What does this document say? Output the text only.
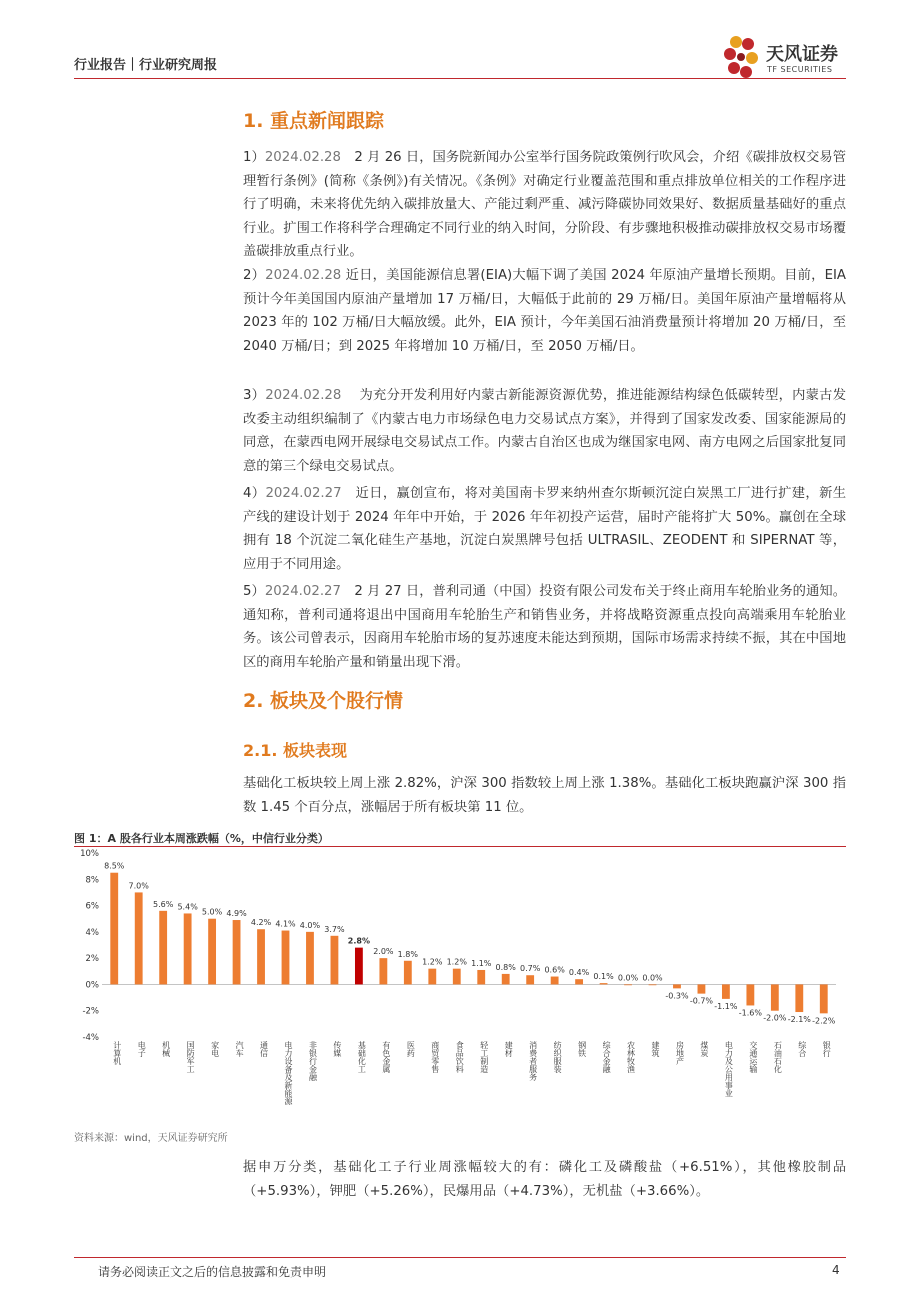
行业报告｜行业研究周报
天风证券
TF SECURITIES
1. 重点新闻跟踪
1）2024.02.28　2 月 26 日，国务院新闻办公室举行国务院政策例行吹风会，介绍《碳排放权交易管理暂行条例》(简称《条例》)有关情况。《条例》对确定行业覆盖范围和重点排放单位相关的工作程序进行了明确，未来将优先纳入碳排放量大、产能过剩严重、减污降碳协同效果好、数据质量基础好的重点行业。扩围工作将科学合理确定不同行业的纳入时间，分阶段、有步骤地积极推动碳排放权交易市场覆盖碳排放重点行业。
2）2024.02.28 近日，美国能源信息署(EIA)大幅下调了美国 2024 年原油产量增长预期。目前，EIA 预计今年美国国内原油产量增加 17 万桶/日，大幅低于此前的 29 万桶/日。美国年原油产量增幅将从 2023 年的 102 万桶/日大幅放缓。此外，EIA 预计，今年美国石油消费量预计将增加 20 万桶/日，至 2040 万桶/日；到 2025 年将增加 10 万桶/日，至 2050 万桶/日。
3）2024.02.28　 为充分开发利用好内蒙古新能源资源优势，推进能源结构绿色低碳转型，内蒙古发改委主动组织编制了《内蒙古电力市场绿色电力交易试点方案》，并得到了国家发改委、国家能源局的同意，在蒙西电网开展绿电交易试点工作。内蒙古自治区也成为继国家电网、南方电网之后国家批复同意的第三个绿电交易试点。
4）2024.02.27　近日，赢创宣布，将对美国南卡罗来纳州查尔斯顿沉淀白炭黑工厂进行扩建，新生产线的建设计划于 2024 年年中开始，于 2026 年年初投产运营，届时产能将扩大 50%。赢创在全球拥有 18 个沉淀二氧化硅生产基地，沉淀白炭黑牌号包括 ULTRASIL、ZEODENT 和 SIPERNAT 等，应用于不同用途。
5）2024.02.27　2 月 27 日，普利司通（中国）投资有限公司发布关于终止商用车轮胎业务的通知。通知称，普利司通将退出中国商用车轮胎生产和销售业务，并将战略资源重点投向高端乘用车轮胎业务。该公司曾表示，因商用车轮胎市场的复苏速度未能达到预期，国际市场需求持续不振，其在中国地区的商用车轮胎产量和销量出现下滑。
2. 板块及个股行情
2.1. 板块表现
基础化工板块较上周上涨 2.82%，沪深 300 指数较上周上涨 1.38%。基础化工板块跑赢沪深 300 指数 1.45 个百分点，涨幅居于所有板块第 11 位。
图 1：A 股各行业本周涨跌幅（%，中信行业分类）
10%
8%
6%
4%
2%
0%
-2%
-4%
8.5%
计算机
7.0%
电子
5.6%
机械
5.4%
国防军工
5.0%
家电
4.9%
汽车
4.2%
通信
4.1%
电力设备及新能源
4.0%
非银行金融
3.7%
传媒
2.8%
基础化工
2.0%
有色金属
1.8%
医药
1.2%
商贸零售
1.2%
食品饮料
1.1%
轻工制造
0.8%
建材
0.7%
消费者服务
0.6%
纺织服装
0.4%
钢铁
0.1%
综合金融
0.0%
农林牧渔
0.0%
建筑
-0.3%
房地产
-0.7%
煤炭
-1.1%
电力及公用事业
-1.6%
交通运输
-2.0%
石油石化
-2.1%
综合
-2.2%
银行
资料来源：wind，天风证券研究所
据申万分类，基础化工子行业周涨幅较大的有：磷化工及磷酸盐（+6.51%），其他橡胶制品（+5.93%），钾肥（+5.26%），民爆用品（+4.73%），无机盐（+3.66%）。
请务必阅读正文之后的信息披露和免责申明	4
